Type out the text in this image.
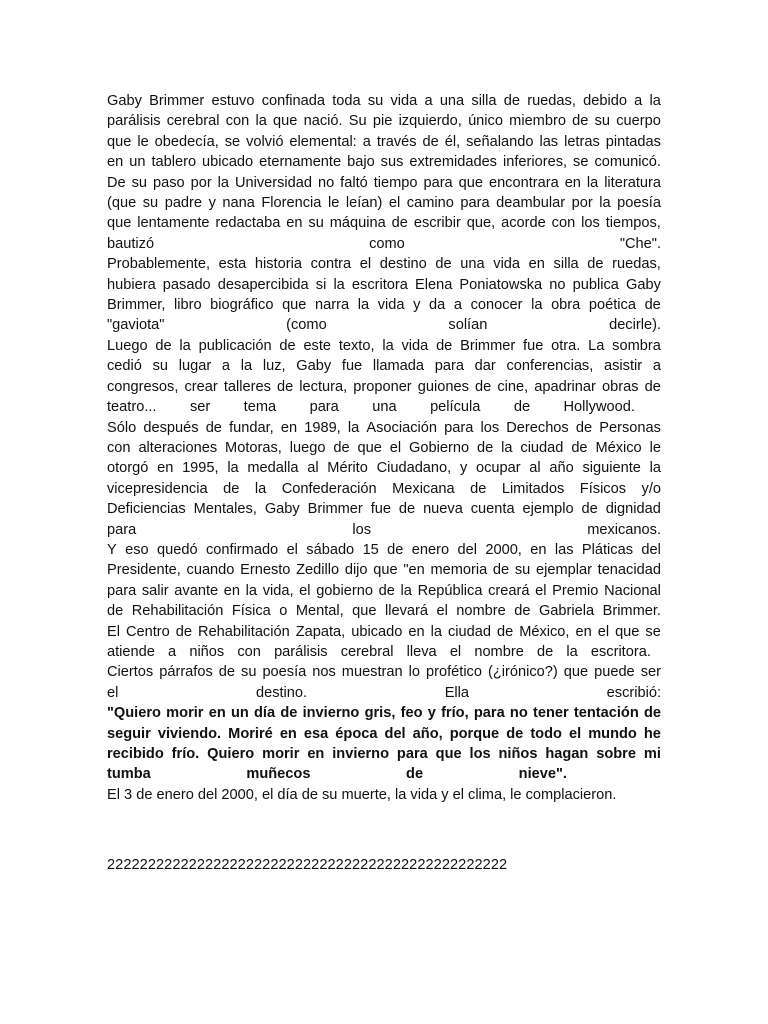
Gaby Brimmer estuvo confinada toda su vida a una silla de ruedas, debido a la
parálisis cerebral con la que nació. Su pie izquierdo, único miembro de su cuerpo
que le obedecía, se volvió elemental: a través de él, señalando las letras pintadas
en un tablero ubicado eternamente bajo sus extremidades inferiores, se comunicó.
De su paso por la Universidad no faltó tiempo para que encontrara en la literatura
(que su padre y nana Florencia le leían) el camino para deambular por la poesía
que lentamente redactaba en su máquina de escribir que, acorde con los tiempos,
bautizó	como	"Che".
Probablemente, esta historia contra el destino de una vida en silla de ruedas,
hubiera pasado desapercibida si la escritora Elena Poniatowska no publica Gaby
Brimmer, libro biográfico que narra la vida y da a conocer la obra poética de
"gaviota"	(como	solían	decirle).
Luego de la publicación de este texto, la vida de Brimmer fue otra. La sombra
cedió su lugar a la luz, Gaby fue llamada para dar conferencias, asistir a
congresos, crear talleres de lectura, proponer guiones de cine, apadrinar obras de
teatro... ser tema para una película de Hollywood.
Sólo después de fundar, en 1989, la Asociación para los Derechos de Personas
con alteraciones Motoras, luego de que el Gobierno de la ciudad de México le
otorgó en 1995, la medalla al Mérito Ciudadano, y ocupar al año siguiente la
vicepresidencia de la Confederación Mexicana de Limitados Físicos y/o
Deficiencias Mentales, Gaby Brimmer fue de nueva cuenta ejemplo de dignidad
para	los	mexicanos.
Y eso quedó confirmado el sábado 15 de enero del 2000, en las Pláticas del
Presidente, cuando Ernesto Zedillo dijo que "en memoria de su ejemplar tenacidad
para salir avante en la vida, el gobierno de la República creará el Premio Nacional
de Rehabilitación Física o Mental, que llevará el nombre de Gabriela Brimmer.
El Centro de Rehabilitación Zapata, ubicado en la ciudad de México, en el que se
atiende a niños con parálisis cerebral lleva el nombre de la escritora.
Ciertos párrafos de su poesía nos muestran lo profético (¿irónico?) que puede ser
el	destino.	Ella	escribió:
"Quiero morir en un día de invierno gris, feo y frío, para no tener tentación de
seguir viviendo. Moriré en esa época del año, porque de todo el mundo he
recibido frío. Quiero morir en invierno para que los niños hagan sobre mi
tumba	muñecos	de	nieve".
El 3 de enero del 2000, el día de su muerte, la vida y el clima, le complacieron.
2222222222222222222222222222222222222222222222222
